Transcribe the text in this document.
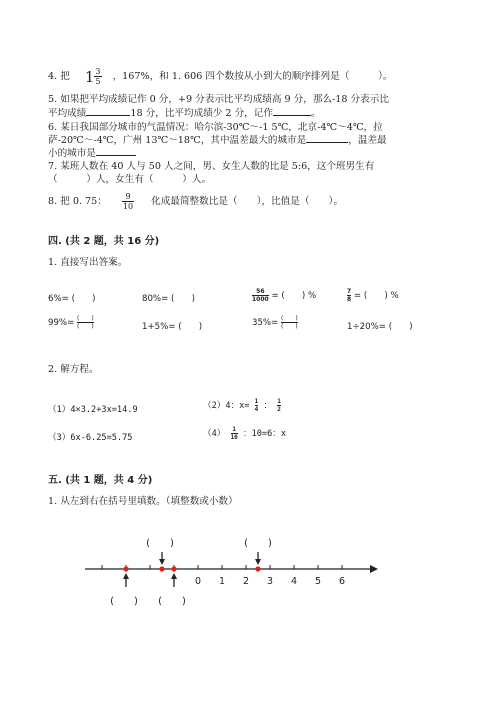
4. 把 $1 \frac{3}{5}$ ，167%，和 1. 606 四个数按从小到大的顺序排列是（　　　）。
5. 如果把平均成绩记作 0 分，+9 分表示比平均成绩高 9 分，那么-18 分表示比
平均成绩	18 分，比平均成绩少 2 分，记作	。
6. 某日我国部分城市的气温情况：哈尔滨-30℃～-1 5℃，北京-4℃～4℃，拉
萨-20℃～-4℃，广州 13℃～18℃，其中温差最大的城市是	，温差最
小的城市是
7. 某班人数在 40 人与 50 人之间，男、女生人数的比是 5:6，这个班男生有
（　　　）人，女生有（　　　）人。
8. 把 0. 75： $\frac{9}{10}$ 化成最简整数比是（　　），比值是（　　）。
四. (共 2 题，共 16 分)
1. 直接写出答案。
6%= (　　)	80%= (　　)	$\frac{56}{1000}$ = (　　) %	$\frac{7}{8}$ = (　　) %
$99\%= \frac{( )}{( )}$	1+5%= (　　)	$35\%= \frac{( )}{( )}$	1÷20%= (　　)
2. 解方程。
（1）4×3.2+3x=14.9	（2）4：$x= \frac{1}{4}$ ： $\frac{1}{2}$
（3）6x-6.25=5.75	$(4) \frac{1}{10}$ ：10=6：x
五. (共 1 题，共 4 分)
1. 从左到右在括号里填数。（填整数或小数）
0 1 2 3 4 5 6
(　　)	(　　)
(　　) (　　)
